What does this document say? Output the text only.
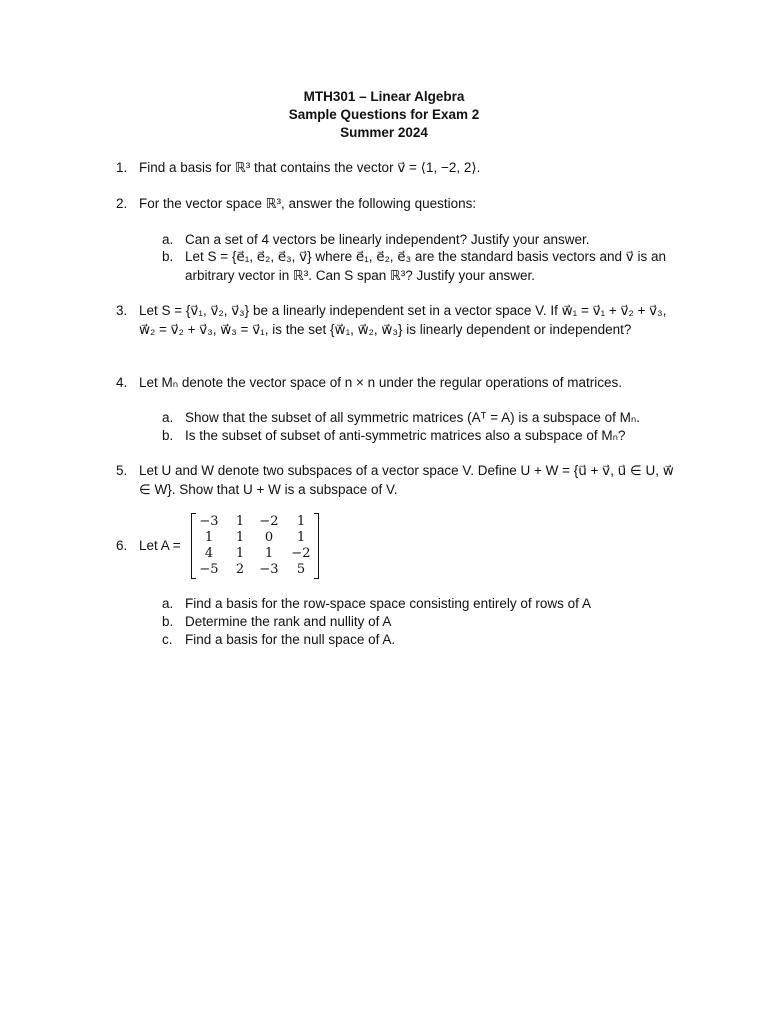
MTH301 – Linear Algebra
Sample Questions for Exam 2
Summer 2024
1. Find a basis for ℝ³ that contains the vector v⃗ = ⟨1, −2, 2⟩.
2. For the vector space ℝ³, answer the following questions:
a. Can a set of 4 vectors be linearly independent? Justify your answer.
b. Let S = {e⃗₁, e⃗₂, e⃗₃, v⃗} where e⃗₁, e⃗₂, e⃗₃ are the standard basis vectors and v⃗ is an arbitrary vector in ℝ³. Can S span ℝ³? Justify your answer.
3. Let S = {v⃗₁, v⃗₂, v⃗₃} be a linearly independent set in a vector space V. If w⃗₁ = v⃗₁ + v⃗₂ + v⃗₃, w⃗₂ = v⃗₂ + v⃗₃, w⃗₃ = v⃗₁, is the set {w⃗₁, w⃗₂, w⃗₃} is linearly dependent or independent?
4. Let Mₙ denote the vector space of n × n under the regular operations of matrices.
a. Show that the subset of all symmetric matrices (Aᵀ = A) is a subspace of Mₙ.
b. Is the subset of subset of anti-symmetric matrices also a subspace of Mₙ?
5. Let U and W denote two subspaces of a vector space V. Define U + W = {u⃗ + v⃗, u⃗ ∈ U, w⃗ ∈ W}. Show that U + W is a subspace of V.
6. Let A =
−3	1	−2	1
1	1	0	1
4	1	1	−2
−5	2	−3	5
a. Find a basis for the row-space space consisting entirely of rows of A
b. Determine the rank and nullity of A
c. Find a basis for the null space of A.
